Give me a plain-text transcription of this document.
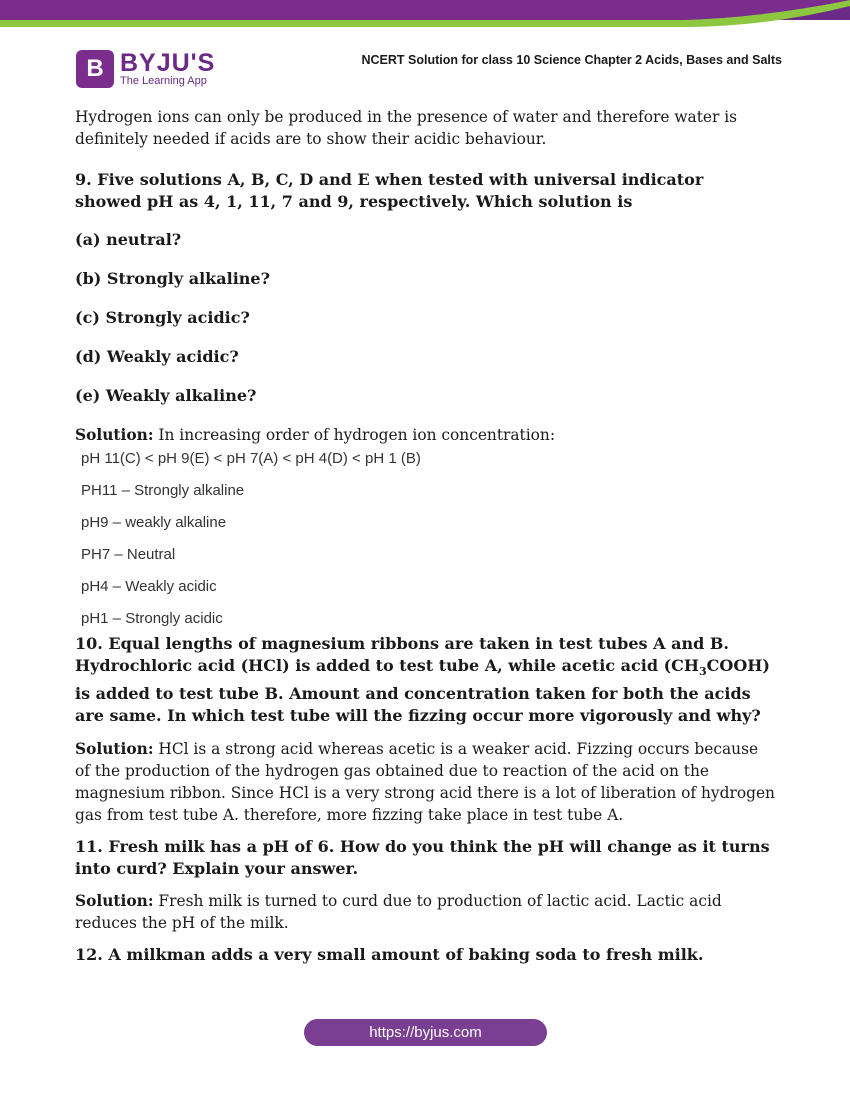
B BYJU'S
The Learning App
NCERT Solution for class 10 Science Chapter 2 Acids, Bases and Salts

Hydrogen ions can only be produced in the presence of water and therefore water is definitely needed if acids are to show their acidic behaviour.

9. Five solutions A, B, C, D and E when tested with universal indicator showed pH as 4, 1, 11, 7 and 9, respectively. Which solution is

(a) neutral?

(b) Strongly alkaline?

(c) Strongly acidic?

(d) Weakly acidic?

(e) Weakly alkaline?

Solution: In increasing order of hydrogen ion concentration:

pH 11(C) < pH 9(E) < pH 7(A) < pH 4(D) < pH 1 (B)
PH11 – Strongly alkaline
pH9 – weakly alkaline
PH7 – Neutral
pH4 – Weakly acidic
pH1 – Strongly acidic

10. Equal lengths of magnesium ribbons are taken in test tubes A and B. Hydrochloric acid (HCl) is added to test tube A, while acetic acid $(CH_3COOH)$ is added to test tube B. Amount and concentration taken for both the acids are same. In which test tube will the fizzing occur more vigorously and why?

Solution: HCl is a strong acid whereas acetic is a weaker acid. Fizzing occurs because of the production of the hydrogen gas obtained due to reaction of the acid on the magnesium ribbon. Since HCl is a very strong acid there is a lot of liberation of hydrogen gas from test tube A. therefore, more fizzing take place in test tube A.

11. Fresh milk has a pH of 6. How do you think the pH will change as it turns into curd? Explain your answer.

Solution: Fresh milk is turned to curd due to production of lactic acid. Lactic acid reduces the pH of the milk.

12. A milkman adds a very small amount of baking soda to fresh milk.

https://byjus.com
